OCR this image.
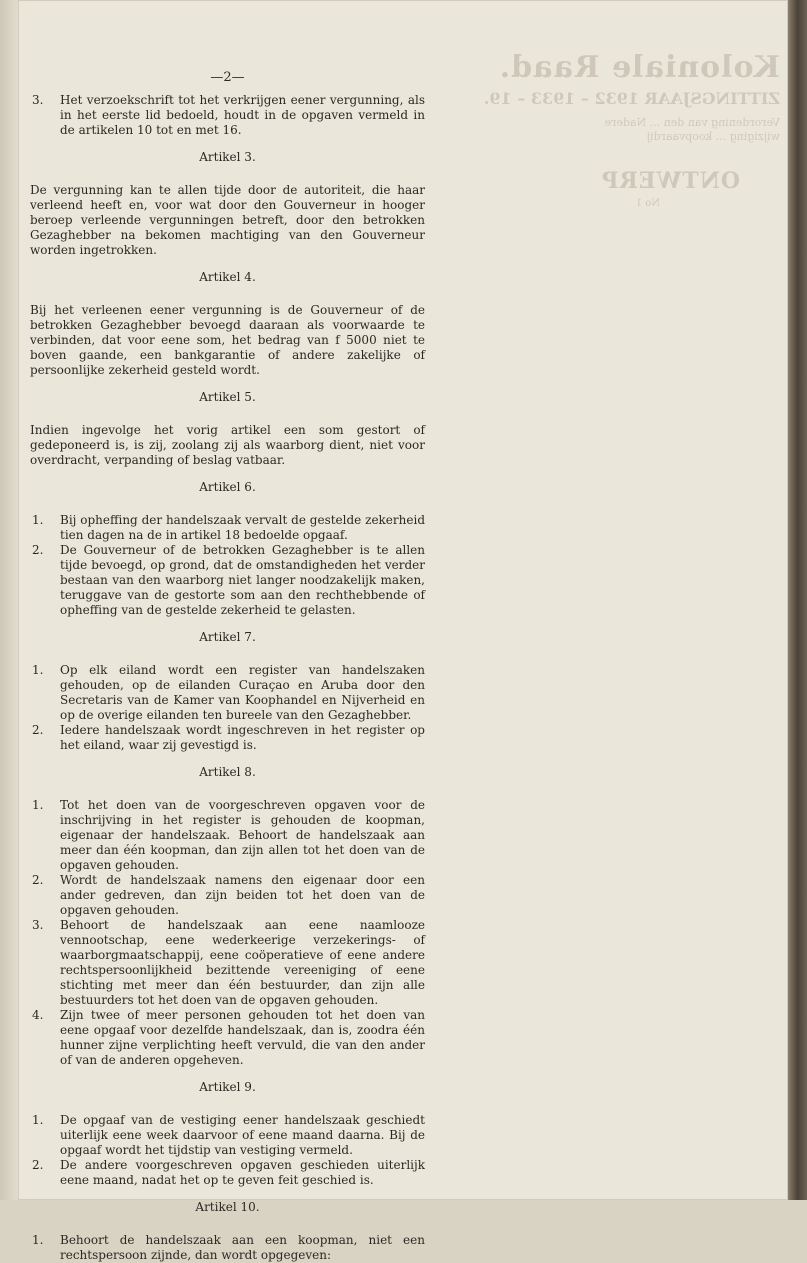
Koloniale Raad.
ZITTINGSJAAR 1932 – 1933 – 19.
Verordening van den ... Nadere wijziging ... koopvaardij
ONTWERP
No 1
—2—
3.	Het verzoekschrift tot het verkrijgen eener vergunning, als in het eerste lid bedoeld, houdt in de opgaven vermeld in de artikelen 10 tot en met 16.
Artikel 3.

De vergunning kan te allen tijde door de autoriteit, die haar verleend heeft en, voor wat door den Gouverneur in hooger beroep verleende vergunningen betreft, door den betrokken Gezaghebber na bekomen machtiging van den Gouverneur worden ingetrokken.

Artikel 4.

Bij het verleenen eener vergunning is de Gouverneur of de betrokken Gezaghebber bevoegd daaraan als voorwaarde te verbinden, dat voor eene som, het bedrag van f 5000 niet te boven gaande, een bankgarantie of andere zakelijke of persoonlijke zekerheid gesteld wordt.

Artikel 5.

Indien ingevolge het vorig artikel een som gestort of gedeponeerd is, is zij, zoolang zij als waarborg dient, niet voor overdracht, verpanding of beslag vatbaar.

Artikel 6.
1.	Bij opheffing der handelszaak vervalt de gestelde zekerheid tien dagen na de in artikel 18 bedoelde opgaaf.
2.	De Gouverneur of de betrokken Gezaghebber is te allen tijde bevoegd, op grond, dat de omstandigheden het verder bestaan van den waarborg niet langer noodzakelijk maken, teruggave van de gestorte som aan den rechthebbende of opheffing van de gestelde zekerheid te gelasten.
Artikel 7.
1.	Op elk eiland wordt een register van handelszaken gehouden, op de eilanden Curaçao en Aruba door den Secretaris van de Kamer van Koophandel en Nijverheid en op de overige eilanden ten bureele van den Gezaghebber.
2.	Iedere handelszaak wordt ingeschreven in het register op het eiland, waar zij gevestigd is.
Artikel 8.
1.	Tot het doen van de voorgeschreven opgaven voor de inschrijving in het register is gehouden de koopman, eigenaar der handelszaak. Behoort de handelszaak aan meer dan één koopman, dan zijn allen tot het doen van de opgaven gehouden.
2.	Wordt de handelszaak namens den eigenaar door een ander gedreven, dan zijn beiden tot het doen van de opgaven gehouden.
3.	Behoort de handelszaak aan eene naamlooze vennootschap, eene wederkeerige verzekerings- of waarborgmaatschappij, eene coöperatieve of eene andere rechtspersoonlijkheid bezittende vereeniging of eene stichting met meer dan één bestuurder, dan zijn alle bestuurders tot het doen van de opgaven gehouden.
4.	Zijn twee of meer personen gehouden tot het doen van eene opgaaf voor dezelfde handelszaak, dan is, zoodra één hunner zijne verplichting heeft vervuld, die van den ander of van de anderen opgeheven.
Artikel 9.
1.	De opgaaf van de vestiging eener handelszaak geschiedt uiterlijk eene week daarvoor of eene maand daarna. Bij de opgaaf wordt het tijdstip van vestiging vermeld.
2.	De andere voorgeschreven opgaven geschieden uiterlijk eene maand, nadat het op te geven feit geschied is.
Artikel 10.
1.	Behoort de handelszaak aan een koopman, niet een rechtspersoon zijnde, dan wordt opgegeven:
